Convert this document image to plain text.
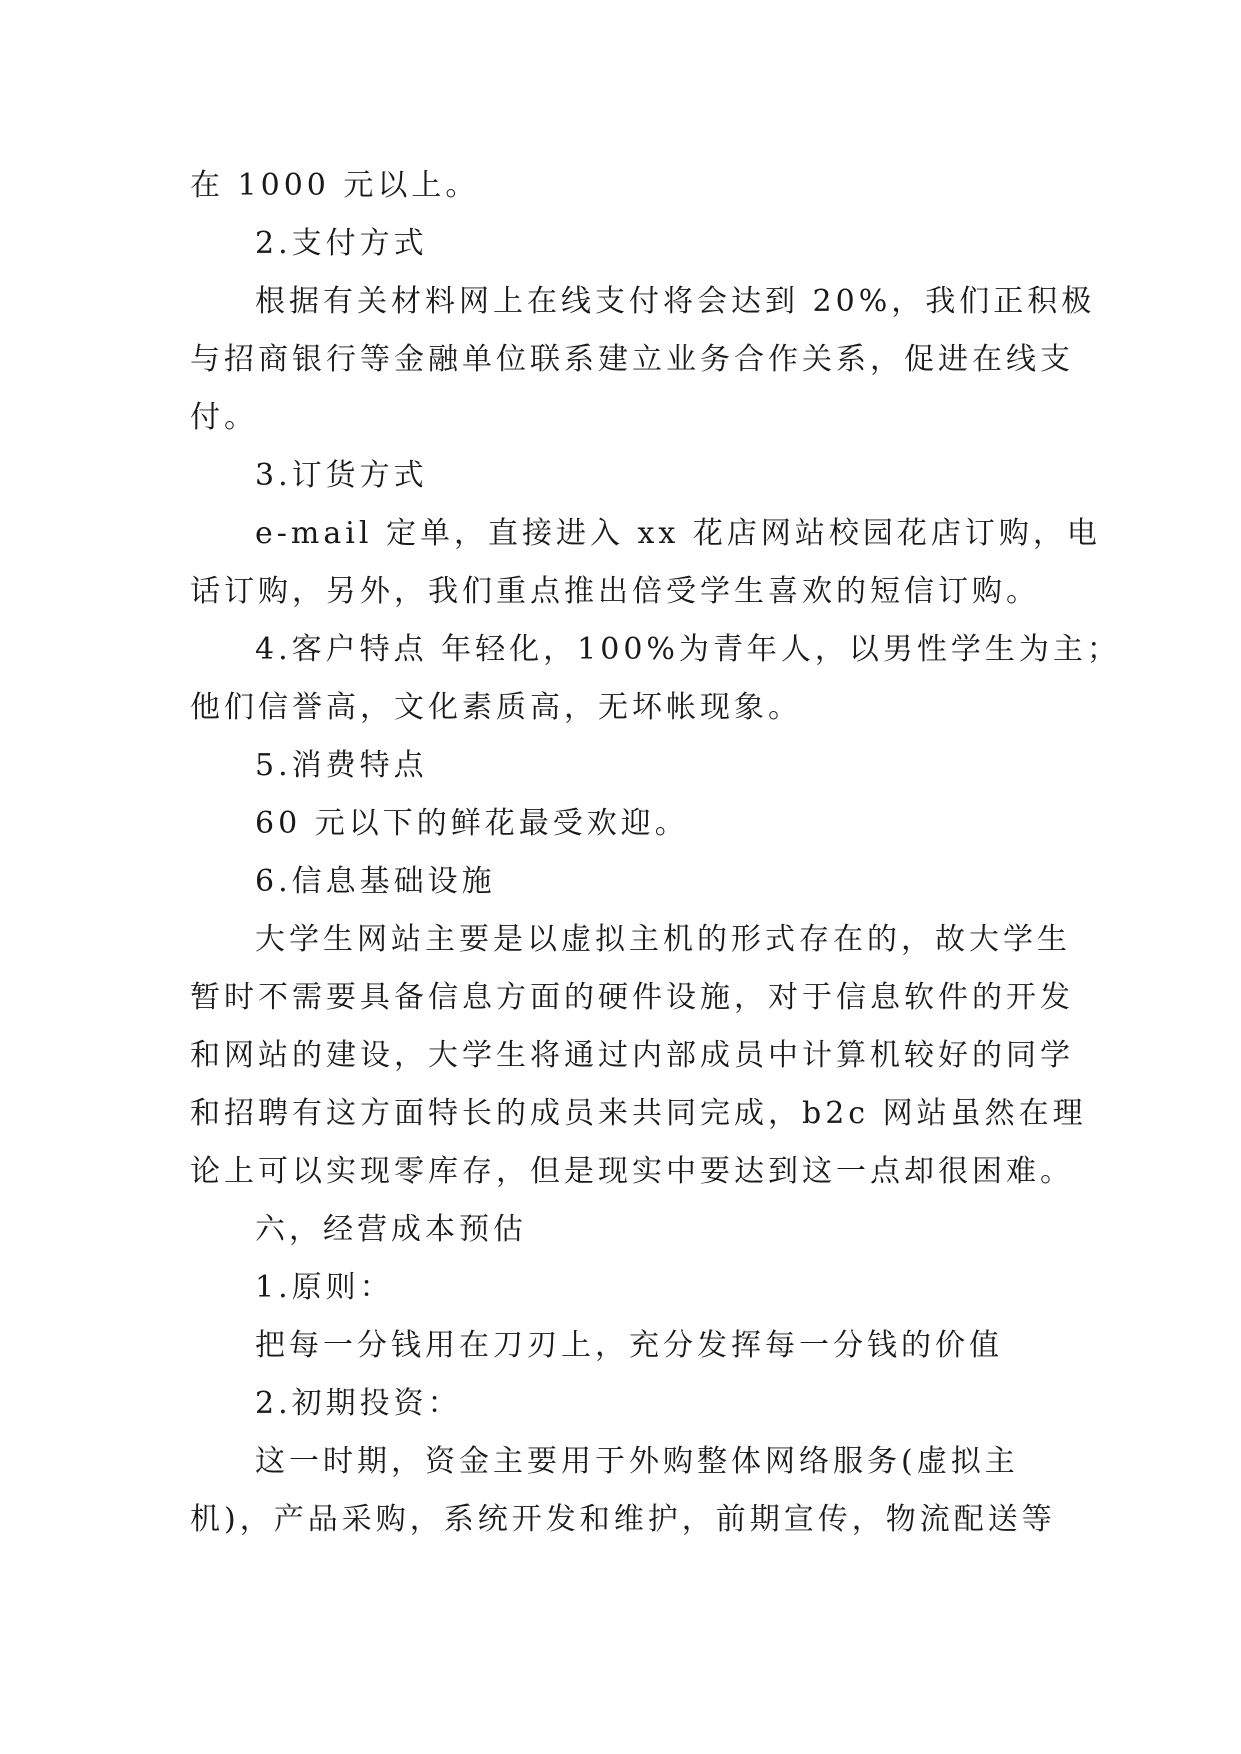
在 1000 元以上。
2.支付方式
根据有关材料网上在线支付将会达到 20%，我们正积极
与招商银行等金融单位联系建立业务合作关系，促进在线支
付。
3.订货方式
e-mail 定单，直接进入 xx 花店网站校园花店订购，电
话订购，另外，我们重点推出倍受学生喜欢的短信订购。
4.客户特点 年轻化，100%为青年人，以男性学生为主；
他们信誉高，文化素质高，无坏帐现象。
5.消费特点
60 元以下的鲜花最受欢迎。
6.信息基础设施
大学生网站主要是以虚拟主机的形式存在的，故大学生
暂时不需要具备信息方面的硬件设施，对于信息软件的开发
和网站的建设，大学生将通过内部成员中计算机较好的同学
和招聘有这方面特长的成员来共同完成，b2c 网站虽然在理
论上可以实现零库存，但是现实中要达到这一点却很困难。
六，经营成本预估
1.原则：
把每一分钱用在刀刃上，充分发挥每一分钱的价值
2.初期投资：
这一时期，资金主要用于外购整体网络服务(虚拟主
机)，产品采购，系统开发和维护，前期宣传，物流配送等
